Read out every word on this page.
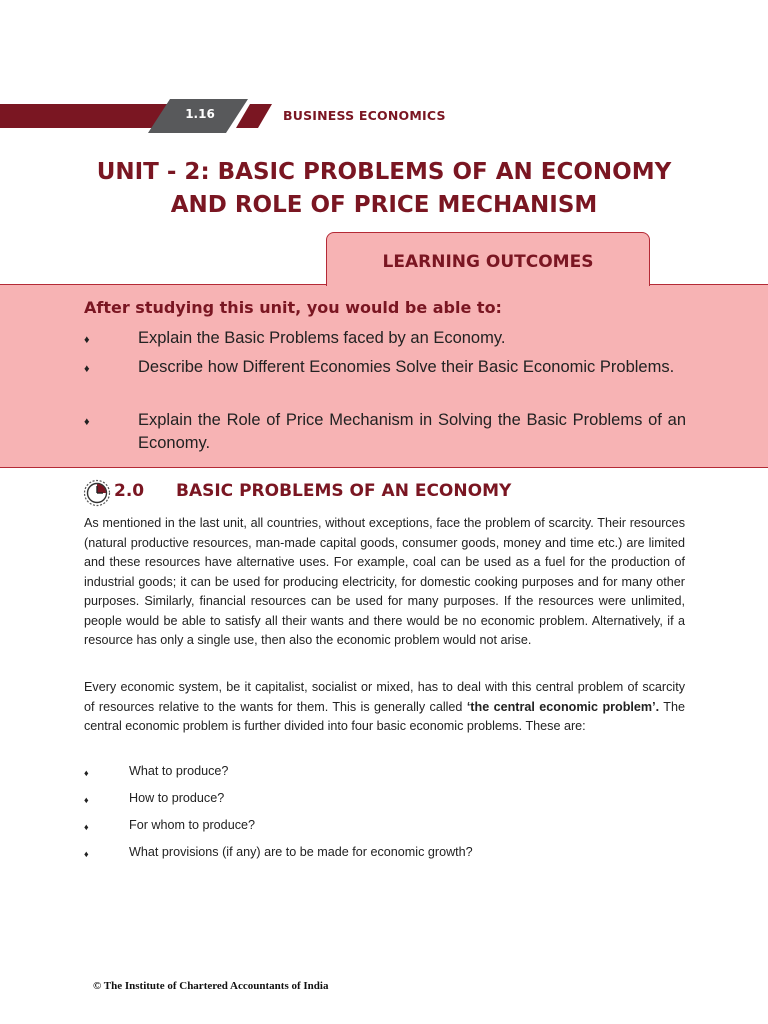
1.16	BUSINESS ECONOMICS
UNIT - 2: BASIC PROBLEMS OF AN ECONOMY
AND ROLE OF PRICE MECHANISM
LEARNING OUTCOMES
After studying this unit, you would be able to:
♦	Explain the Basic Problems faced by an Economy.
♦	Describe how Different Economies Solve their Basic Economic Problems.
♦	Explain the Role of Price Mechanism in Solving the Basic Problems of an Economy.
2.0 BASIC PROBLEMS OF AN ECONOMY

As mentioned in the last unit, all countries, without exceptions, face the problem of scarcity. Their resources (natural productive resources, man-made capital goods, consumer goods, money and time etc.) are limited and these resources have alternative uses. For example, coal can be used as a fuel for the production of industrial goods; it can be used for producing electricity, for domestic cooking purposes and for many other purposes. Similarly, financial resources can be used for many purposes. If the resources were unlimited, people would be able to satisfy all their wants and there would be no economic problem. Alternatively, if a resource has only a single use, then also the economic problem would not arise.

Every economic system, be it capitalist, socialist or mixed, has to deal with this central problem of scarcity of resources relative to the wants for them. This is generally called ‘the central economic problem’. The central economic problem is further divided into four basic economic problems. These are:

♦	What to produce?
♦	How to produce?
♦	For whom to produce?
♦	What provisions (if any) are to be made for economic growth?
© The Institute of Chartered Accountants of India
